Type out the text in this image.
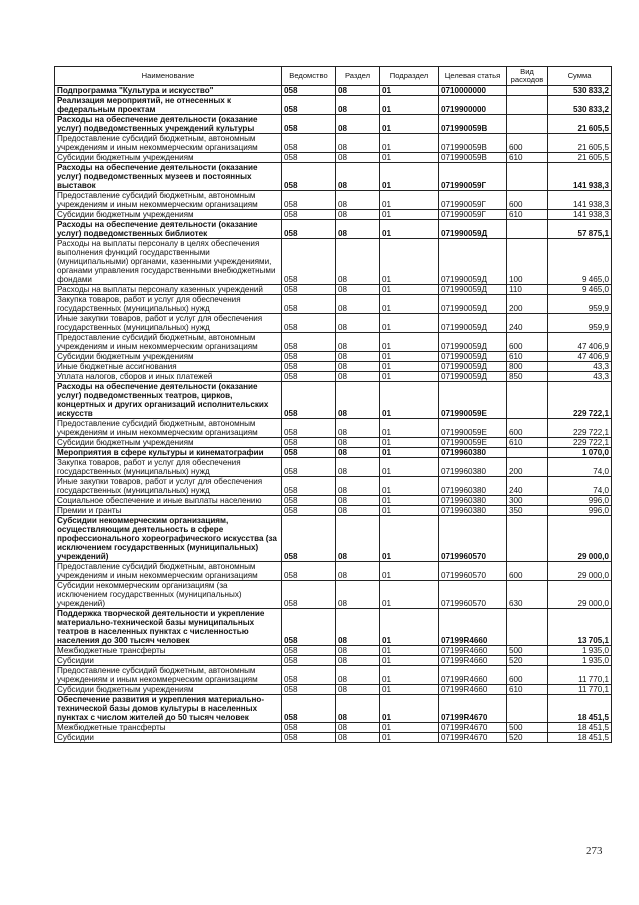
Наименование	Ведомство	Раздел	Подраздел	Целевая статья	Вид расходов	Сумма
Подпрограмма "Культура и искусство"	058	08	01	0710000000		530 833,2
Реализация мероприятий, не отнесенных к федеральным проектам	058	08	01	0719900000		530 833,2
Расходы на обеспечение деятельности (оказание услуг) подведомственных учреждений культуры	058	08	01	071990059В		21 605,5
Предоставление субсидий бюджетным, автономным учреждениям и иным некоммерческим организациям	058	08	01	071990059В	600	21 605,5
Субсидии бюджетным учреждениям	058	08	01	071990059В	610	21 605,5
Расходы на обеспечение деятельности (оказание услуг) подведомственных музеев и постоянных выставок	058	08	01	071990059Г		141 938,3
Предоставление субсидий бюджетным, автономным учреждениям и иным некоммерческим организациям	058	08	01	071990059Г	600	141 938,3
Субсидии бюджетным учреждениям	058	08	01	071990059Г	610	141 938,3
Расходы на обеспечение деятельности (оказание услуг) подведомственных библиотек	058	08	01	071990059Д		57 875,1
Расходы на выплаты персоналу в целях обеспечения выполнения функций государственными (муниципальными) органами, казенными учреждениями, органами управления государственными внебюджетными фондами	058	08	01	071990059Д	100	9 465,0
Расходы на выплаты персоналу казенных учреждений	058	08	01	071990059Д	110	9 465,0
Закупка товаров, работ и услуг для обеспечения государственных (муниципальных) нужд	058	08	01	071990059Д	200	959,9
Иные закупки товаров, работ и услуг для обеспечения государственных (муниципальных) нужд	058	08	01	071990059Д	240	959,9
Предоставление субсидий бюджетным, автономным учреждениям и иным некоммерческим организациям	058	08	01	071990059Д	600	47 406,9
Субсидии бюджетным учреждениям	058	08	01	071990059Д	610	47 406,9
Иные бюджетные ассигнования	058	08	01	071990059Д	800	43,3
Уплата налогов, сборов и иных платежей	058	08	01	071990059Д	850	43,3
Расходы на обеспечение деятельности (оказание услуг) подведомственных театров, цирков, концертных и других организаций исполнительских искусств	058	08	01	071990059Е		229 722,1
Предоставление субсидий бюджетным, автономным учреждениям и иным некоммерческим организациям	058	08	01	071990059Е	600	229 722,1
Субсидии бюджетным учреждениям	058	08	01	071990059Е	610	229 722,1
Мероприятия в сфере культуры и кинематографии	058	08	01	0719960380		1 070,0
Закупка товаров, работ и услуг для обеспечения государственных (муниципальных) нужд	058	08	01	0719960380	200	74,0
Иные закупки товаров, работ и услуг для обеспечения государственных (муниципальных) нужд	058	08	01	0719960380	240	74,0
Социальное обеспечение и иные выплаты населению	058	08	01	0719960380	300	996,0
Премии и гранты	058	08	01	0719960380	350	996,0
Субсидии некоммерческим организациям, осуществляющим деятельность в сфере профессионального хореографического искусства (за исключением государственных (муниципальных) учреждений)	058	08	01	0719960570		29 000,0
Предоставление субсидий бюджетным, автономным учреждениям и иным некоммерческим организациям	058	08	01	0719960570	600	29 000,0
Субсидии некоммерческим организациям (за исключением государственных (муниципальных) учреждений)	058	08	01	0719960570	630	29 000,0
Поддержка творческой деятельности и укрепление материально-технической базы муниципальных театров в населенных пунктах с численностью населения до 300 тысяч человек	058	08	01	07199R4660		13 705,1
Межбюджетные трансферты	058	08	01	07199R4660	500	1 935,0
Субсидии	058	08	01	07199R4660	520	1 935,0
Предоставление субсидий бюджетным, автономным учреждениям и иным некоммерческим организациям	058	08	01	07199R4660	600	11 770,1
Субсидии бюджетным учреждениям	058	08	01	07199R4660	610	11 770,1
Обеспечение развития и укрепления материально-технической базы домов культуры в населенных пунктах с числом жителей до 50 тысяч человек	058	08	01	07199R4670		18 451,5
Межбюджетные трансферты	058	08	01	07199R4670	500	18 451,5
Субсидии	058	08	01	07199R4670	520	18 451,5
273
